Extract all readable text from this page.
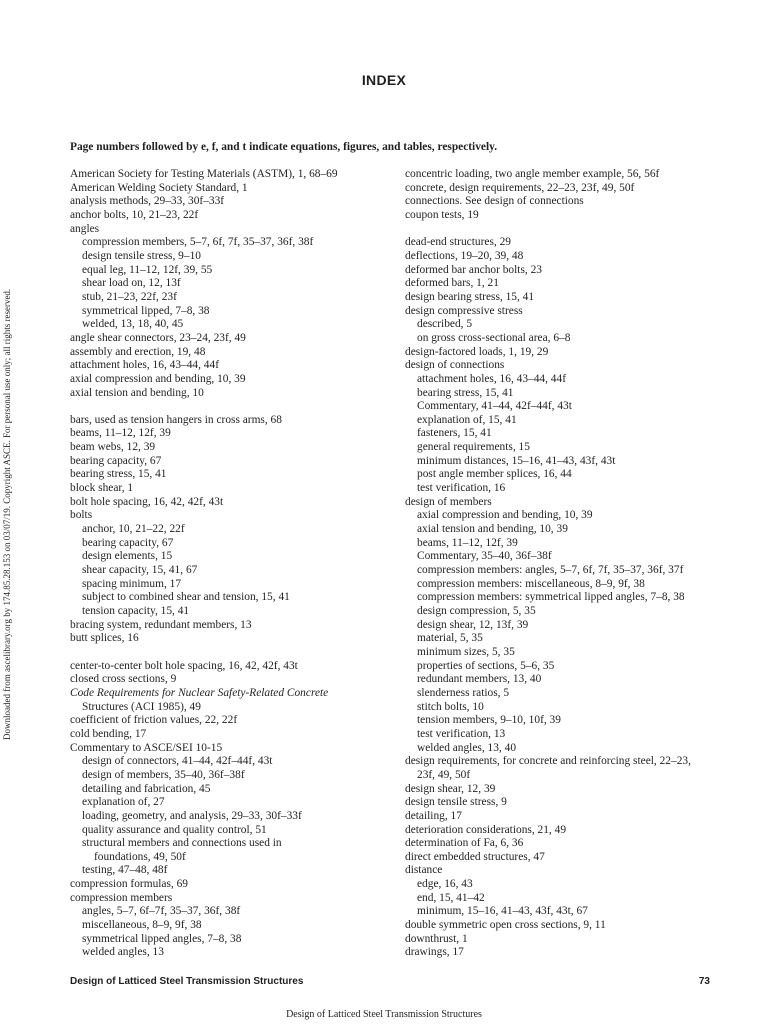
Downloaded from ascelibrary.org by 174.85.28.153 on 03/07/19. Copyright ASCE. For personal use only; all rights reserved.
INDEX
Page numbers followed by e, f, and t indicate equations, figures, and tables, respectively.
American Society for Testing Materials (ASTM), 1, 68–69
American Welding Society Standard, 1
analysis methods, 29–33, 30f–33f
anchor bolts, 10, 21–23, 22f
angles
compression members, 5–7, 6f, 7f, 35–37, 36f, 38f
design tensile stress, 9–10
equal leg, 11–12, 12f, 39, 55
shear load on, 12, 13f
stub, 21–23, 22f, 23f
symmetrical lipped, 7–8, 38
welded, 13, 18, 40, 45
angle shear connectors, 23–24, 23f, 49
assembly and erection, 19, 48
attachment holes, 16, 43–44, 44f
axial compression and bending, 10, 39
axial tension and bending, 10
bars, used as tension hangers in cross arms, 68
beams, 11–12, 12f, 39
beam webs, 12, 39
bearing capacity, 67
bearing stress, 15, 41
block shear, 1
bolt hole spacing, 16, 42, 42f, 43t
bolts
anchor, 10, 21–22, 22f
bearing capacity, 67
design elements, 15
shear capacity, 15, 41, 67
spacing minimum, 17
subject to combined shear and tension, 15, 41
tension capacity, 15, 41
bracing system, redundant members, 13
butt splices, 16
center-to-center bolt hole spacing, 16, 42, 42f, 43t
closed cross sections, 9
Code Requirements for Nuclear Safety-Related Concrete
Structures (ACI 1985), 49
coefficient of friction values, 22, 22f
cold bending, 17
Commentary to ASCE/SEI 10-15
design of connectors, 41–44, 42f–44f, 43t
design of members, 35–40, 36f–38f
detailing and fabrication, 45
explanation of, 27
loading, geometry, and analysis, 29–33, 30f–33f
quality assurance and quality control, 51
structural members and connections used in
foundations, 49, 50f
testing, 47–48, 48f
compression formulas, 69
compression members
angles, 5–7, 6f–7f, 35–37, 36f, 38f
miscellaneous, 8–9, 9f, 38
symmetrical lipped angles, 7–8, 38
welded angles, 13
concentric loading, two angle member example, 56, 56f
concrete, design requirements, 22–23, 23f, 49, 50f
connections. See design of connections
coupon tests, 19
dead-end structures, 29
deflections, 19–20, 39, 48
deformed bar anchor bolts, 23
deformed bars, 1, 21
design bearing stress, 15, 41
design compressive stress
described, 5
on gross cross-sectional area, 6–8
design-factored loads, 1, 19, 29
design of connections
attachment holes, 16, 43–44, 44f
bearing stress, 15, 41
Commentary, 41–44, 42f–44f, 43t
explanation of, 15, 41
fasteners, 15, 41
general requirements, 15
minimum distances, 15–16, 41–43, 43f, 43t
post angle member splices, 16, 44
test verification, 16
design of members
axial compression and bending, 10, 39
axial tension and bending, 10, 39
beams, 11–12, 12f, 39
Commentary, 35–40, 36f–38f
compression members: angles, 5–7, 6f, 7f, 35–37, 36f, 37f
compression members: miscellaneous, 8–9, 9f, 38
compression members: symmetrical lipped angles, 7–8, 38
design compression, 5, 35
design shear, 12, 13f, 39
material, 5, 35
minimum sizes, 5, 35
properties of sections, 5–6, 35
redundant members, 13, 40
slenderness ratios, 5
stitch bolts, 10
tension members, 9–10, 10f, 39
test verification, 13
welded angles, 13, 40
design requirements, for concrete and reinforcing steel, 22–23,
23f, 49, 50f
design shear, 12, 39
design tensile stress, 9
detailing, 17
deterioration considerations, 21, 49
determination of Fa, 6, 36
direct embedded structures, 47
distance
edge, 16, 43
end, 15, 41–42
minimum, 15–16, 41–43, 43f, 43t, 67
double symmetric open cross sections, 9, 11
downthrust, 1
drawings, 17
Design of Latticed Steel Transmission Structures	73
Design of Latticed Steel Transmission Structures
